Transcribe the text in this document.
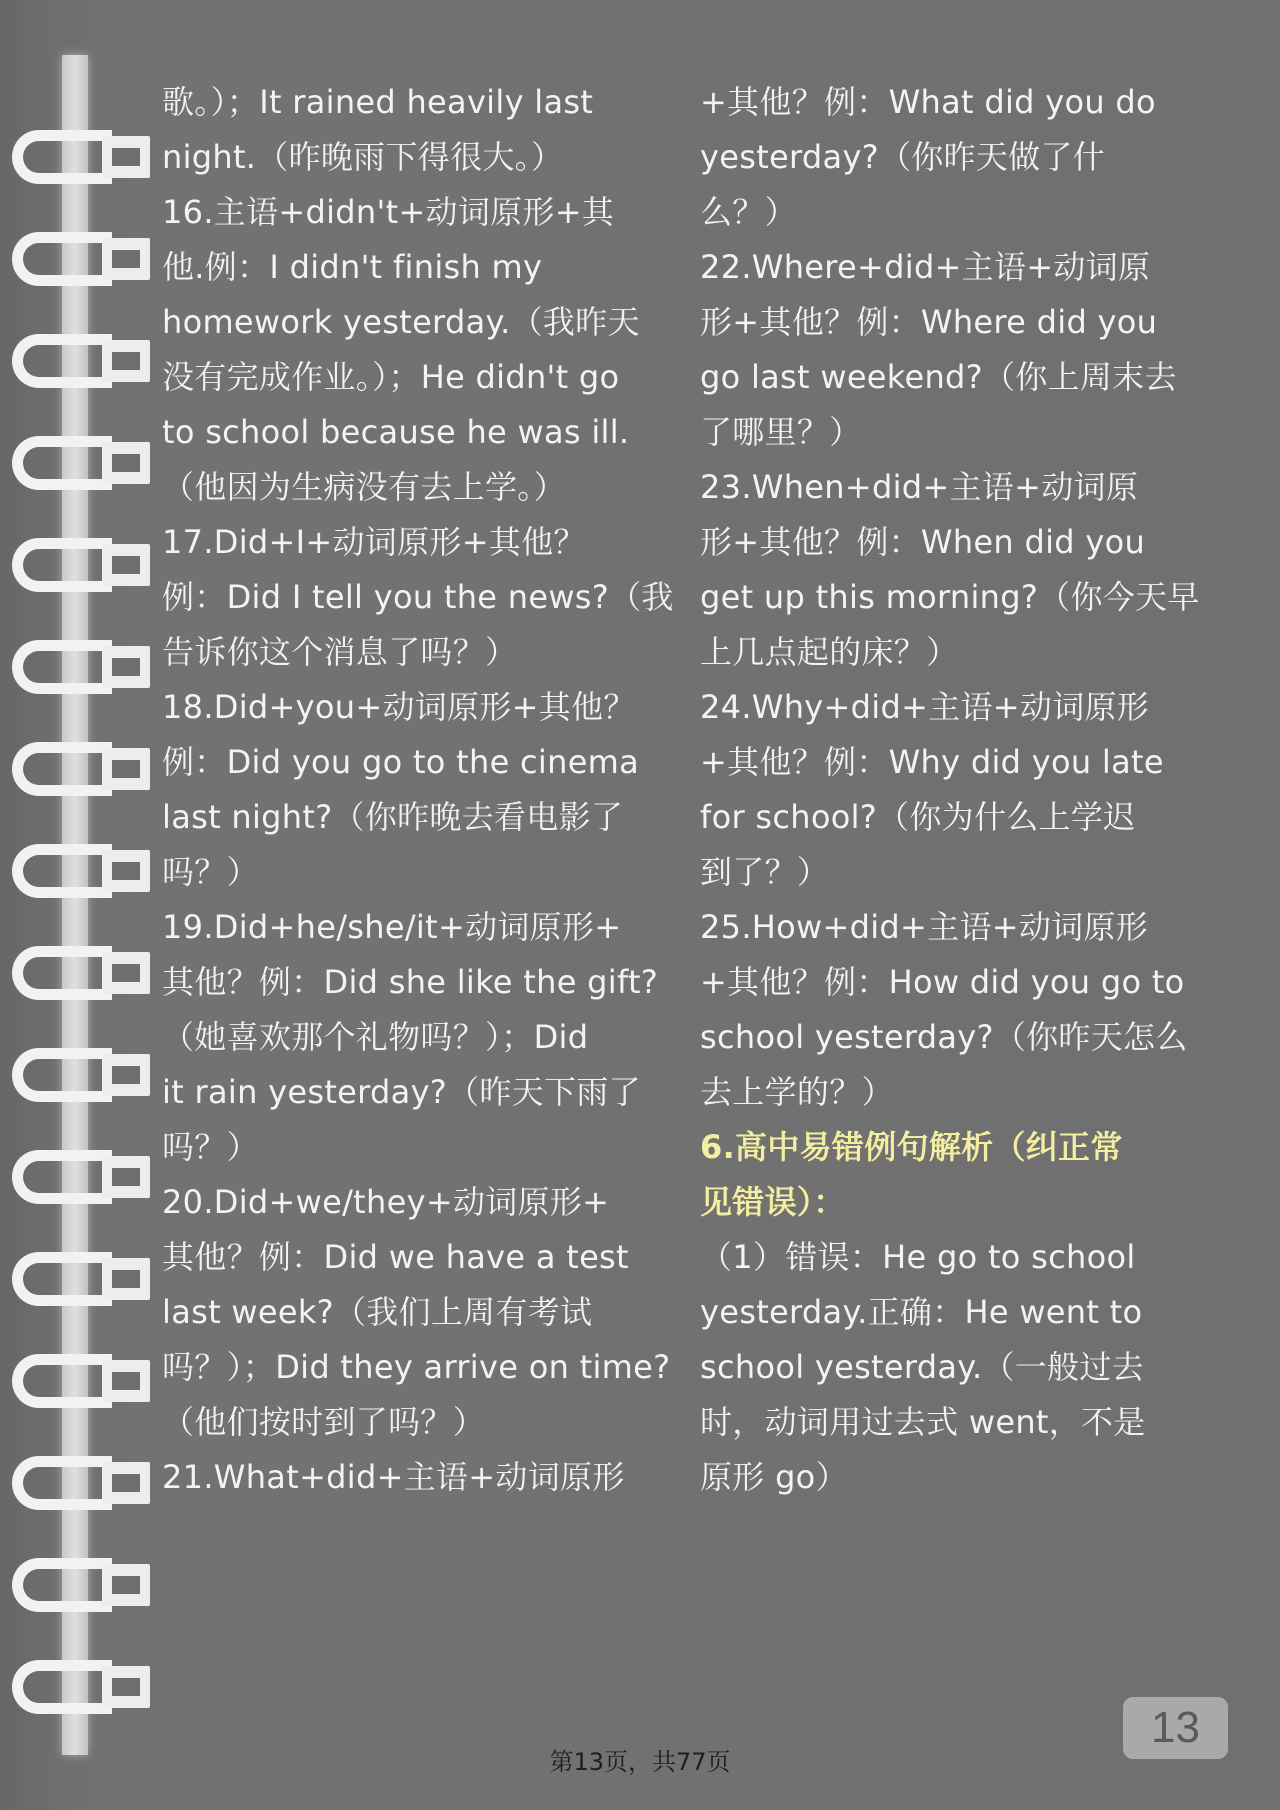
歌。）；It rained heavily last
night.（昨晚雨下得很大。）
16.主语+didn't+动词原形+其
他.例：I didn't finish my
homework yesterday.（我昨天
没有完成作业。）；He didn't go
to school because he was ill.
（他因为生病没有去上学。）
17.Did+I+动词原形+其他？
例：Did I tell you the news?（我
告诉你这个消息了吗？）
18.Did+you+动词原形+其他？
例：Did you go to the cinema
last night?（你昨晚去看电影了
吗？）
19.Did+he/she/it+动词原形+
其他？例：Did she like the gift?
（她喜欢那个礼物吗？）；Did
it rain yesterday?（昨天下雨了
吗？）
20.Did+we/they+动词原形+
其他？例：Did we have a test
last week?（我们上周有考试
吗？）；Did they arrive on time?
（他们按时到了吗？）
21.What+did+主语+动词原形
+其他？例：What did you do
yesterday?（你昨天做了什
么？）
22.Where+did+主语+动词原
形+其他？例：Where did you
go last weekend?（你上周末去
了哪里？）
23.When+did+主语+动词原
形+其他？例：When did you
get up this morning?（你今天早
上几点起的床？）
24.Why+did+主语+动词原形
+其他？例：Why did you late
for school?（你为什么上学迟
到了？）
25.How+did+主语+动词原形
+其他？例：How did you go to
school yesterday?（你昨天怎么
去上学的？）
6.高中易错例句解析（纠正常
见错误）：
（1）错误：He go to school
yesterday.正确：He went to
school yesterday.（一般过去
时，动词用过去式 went，不是
原形 go）
13
第13页，共77页
